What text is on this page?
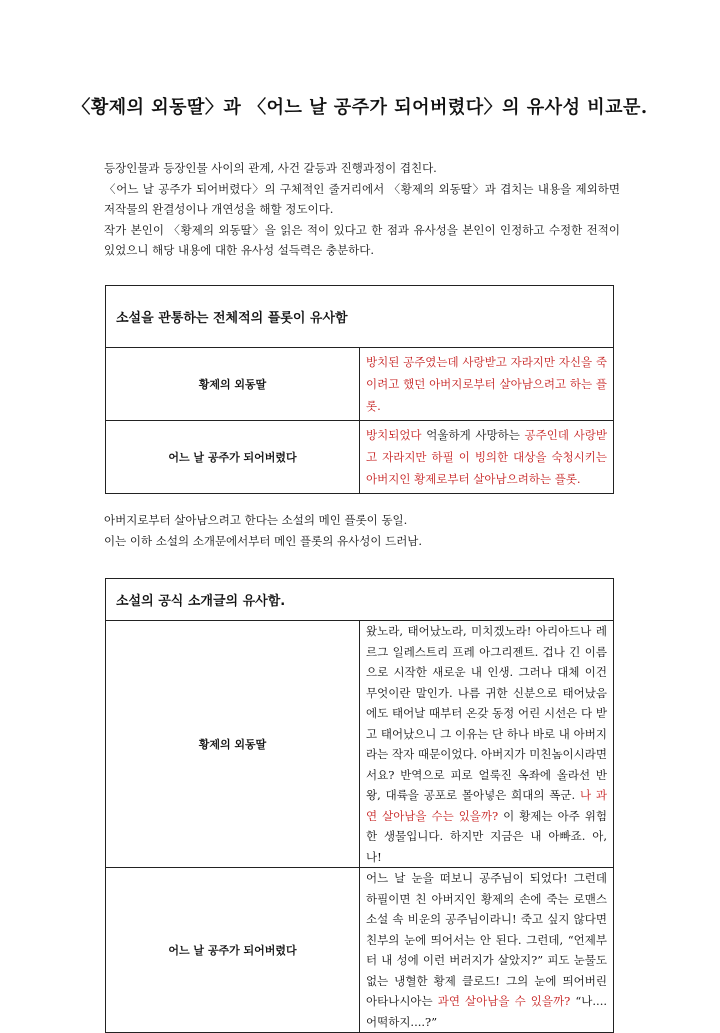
〈황제의 외동딸〉과 〈어느 날 공주가 되어버렸다〉의 유사성 비교문.

등장인물과 등장인물 사이의 관계, 사건 갈등과 진행과정이 겹친다.

〈어느 날 공주가 되어버렸다〉의 구체적인 줄거리에서 〈황제의 외동딸〉과 겹치는 내용을 제외하면 저작물의 완결성이나 개연성을 해할 정도이다.

작가 본인이 〈황제의 외동딸〉을 읽은 적이 있다고 한 점과 유사성을 본인이 인정하고 수정한 전적이 있었으니 해당 내용에 대한 유사성 설득력은 충분하다.

소설을 관통하는 전체적의 플롯이 유사함	
황제의 외동딸	방치된 공주였는데 사랑받고 자라지만 자신을 죽이려고 했던 아버지로부터 살아남으려고 하는 플롯.
어느 날 공주가 되어버렸다	방치되었다 억울하게 사망하는 공주인데 사랑받고 자라지만 하필 이 빙의한 대상을 숙청시키는 아버지인 황제로부터 살아남으려하는 플롯.

아버지로부터 살아남으려고 한다는 소설의 메인 플롯이 동일.

이는 이하 소설의 소개문에서부터 메인 플롯의 유사성이 드러남.

소설의 공식 소개글의 유사함.	
황제의 외동딸	왔노라, 태어났노라, 미치겠노라! 아리아드나 레르그 일레스트리 프레 아그리젠트. 겁나 긴 이름으로 시작한 새로운 내 인생. 그러나 대체 이건 무엇이란 말인가. 나름 귀한 신분으로 태어났음에도 태어날 때부터 온갖 동정 어린 시선은 다 받고 태어났으니 그 이유는 단 하나 바로 내 아버지라는 작자 때문이었다. 아버지가 미친놈이시라면서요? 반역으로 피로 얼룩진 옥좌에 올라선 반왕, 대륙을 공포로 몰아넣은 희대의 폭군. 나 과연 살아남을 수는 있을까? 이 황제는 아주 위험한 생물입니다. 하지만 지금은 내 아빠죠. 아, 나!
어느 날 공주가 되어버렸다	어느 날 눈을 떠보니 공주님이 되었다! 그런데 하필이면 친 아버지인 황제의 손에 죽는 로맨스 소설 속 비운의 공주님이라니! 죽고 싶지 않다면 친부의 눈에 띄어서는 안 된다. 그런데, “언제부터 내 성에 이런 버러지가 살았지?” 피도 눈물도 없는 냉혈한 황제 클로드! 그의 눈에 띄어버린 아타나시아는 과연 살아남을 수 있을까? “나.... 어떡하지....?”
